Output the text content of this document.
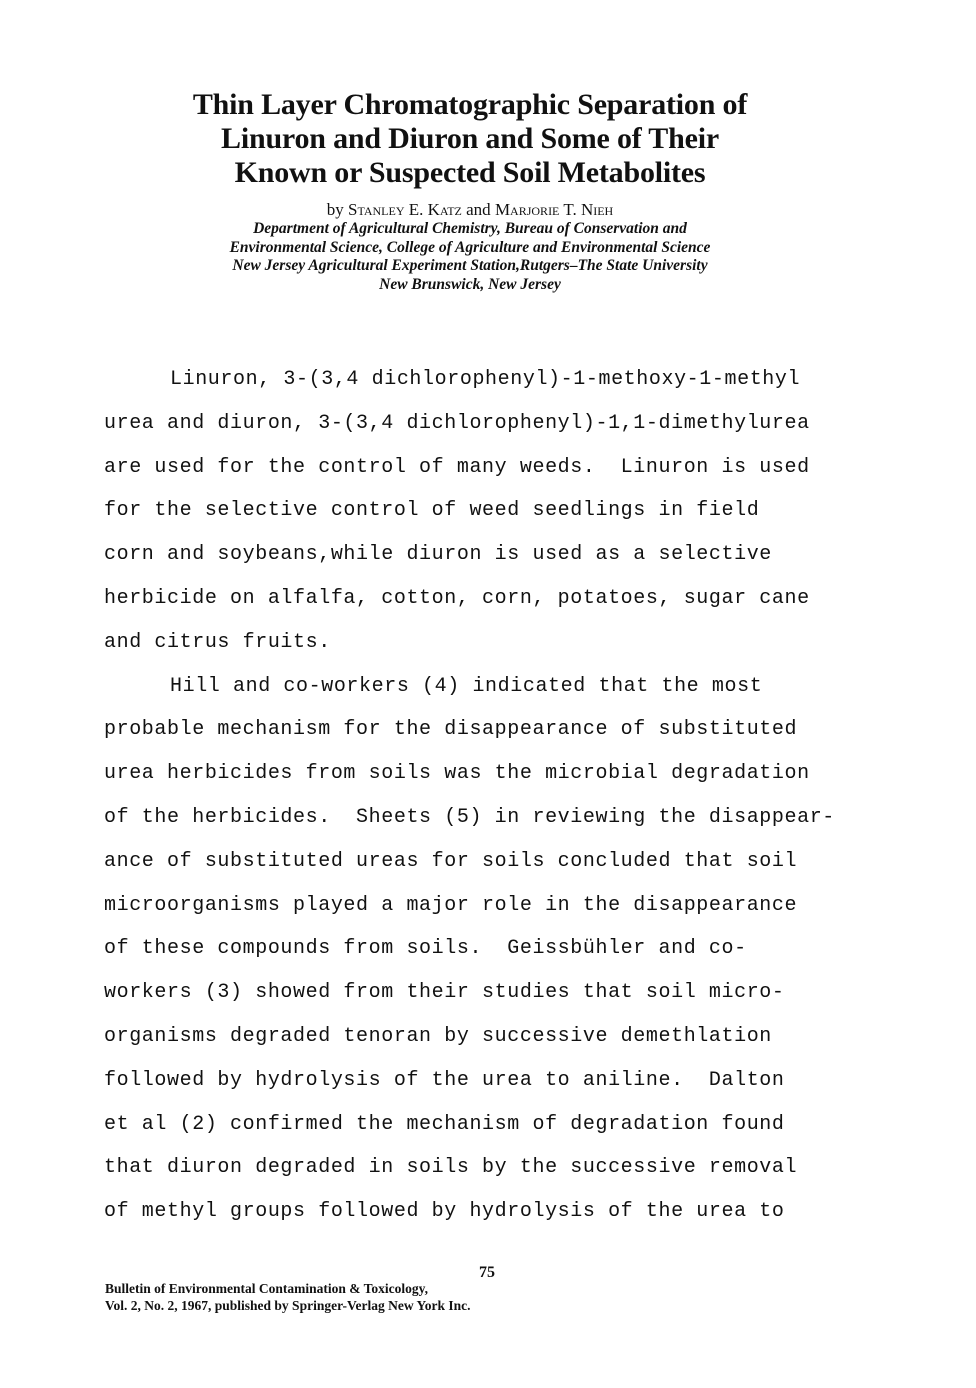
Thin Layer Chromatographic Separation of
Linuron and Diuron and Some of Their
Known or Suspected Soil Metabolites
by Stanley E. Katz and Marjorie T. Nieh
Department of Agricultural Chemistry, Bureau of Conservation and
Environmental Science, College of Agriculture and Environmental Science
New Jersey Agricultural Experiment Station,Rutgers–The State University
New Brunswick, New Jersey
Linuron, 3-(3,4 dichlorophenyl)-1-methoxy-1-methyl
urea and diuron, 3-(3,4 dichlorophenyl)-1,1-dimethylurea
are used for the control of many weeds.  Linuron is used
for the selective control of weed seedlings in field
corn and soybeans,while diuron is used as a selective
herbicide on alfalfa, cotton, corn, potatoes, sugar cane
and citrus fruits.
Hill and co-workers (4) indicated that the most
probable mechanism for the disappearance of substituted
urea herbicides from soils was the microbial degradation
of the herbicides.  Sheets (5) in reviewing the disappear-
ance of substituted ureas for soils concluded that soil
microorganisms played a major role in the disappearance
of these compounds from soils.  Geissbühler and co-
workers (3) showed from their studies that soil micro-
organisms degraded tenoran by successive demethlation
followed by hydrolysis of the urea to aniline.  Dalton
et al (2) confirmed the mechanism of degradation found
that diuron degraded in soils by the successive removal
of methyl groups followed by hydrolysis of the urea to
75
Bulletin of Environmental Contamination & Toxicology,
Vol. 2, No. 2, 1967, published by Springer-Verlag New York Inc.
